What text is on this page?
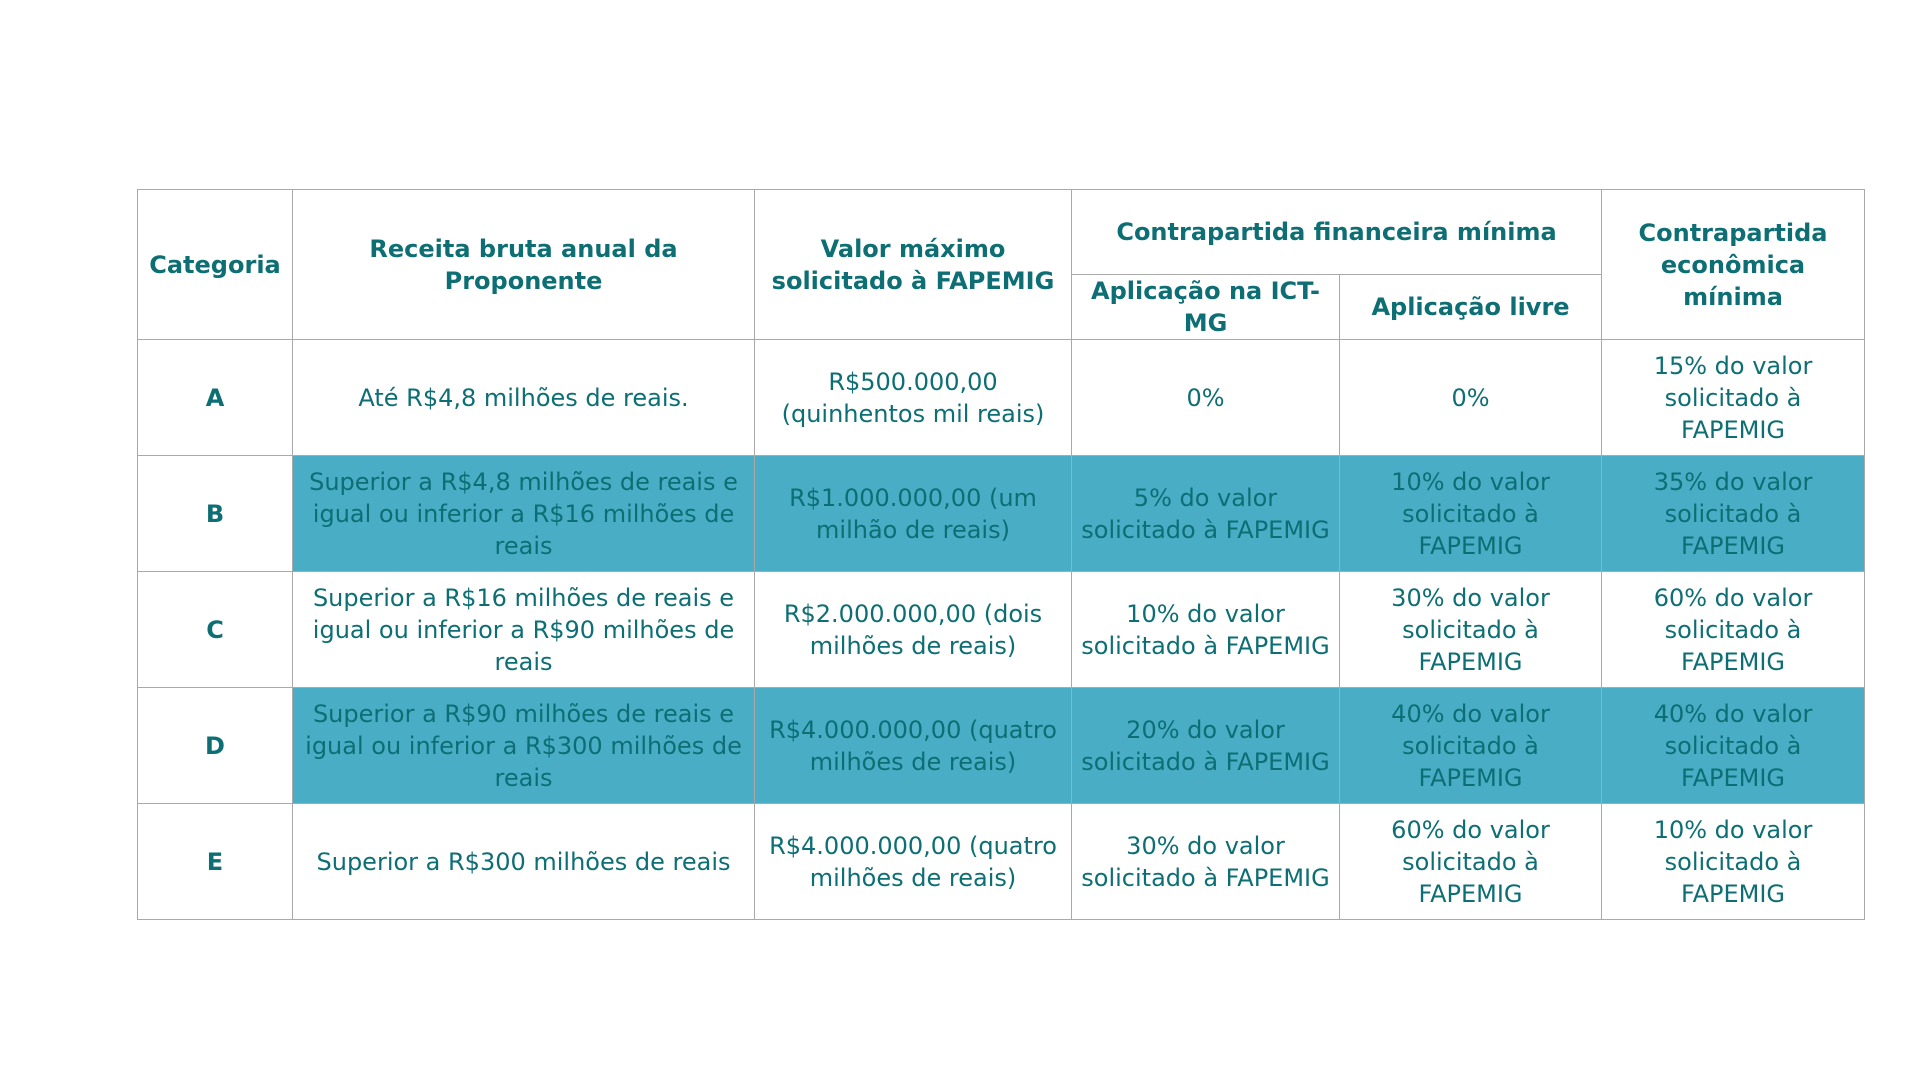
Categoria	Receita bruta anual da Proponente	Valor máximo solicitado à FAPEMIG	Contrapartida financeira mínima		Contrapartida econômica mínima
			Aplicação na ICT-MG	Aplicação livre	
A	Até R$4,8 milhões de reais.	R$500.000,00 (quinhentos mil reais)	0%	0%	15% do valor solicitado à FAPEMIG
B	Superior a R$4,8 milhões de reais e igual ou inferior a R$16 milhões de reais	R$1.000.000,00 (um milhão de reais)	5% do valor solicitado à FAPEMIG	10% do valor solicitado à FAPEMIG	35% do valor solicitado à FAPEMIG
C	Superior a R$16 milhões de reais e igual ou inferior a R$90 milhões de reais	R$2.000.000,00 (dois milhões de reais)	10% do valor solicitado à FAPEMIG	30% do valor solicitado à FAPEMIG	60% do valor solicitado à FAPEMIG
D	Superior a R$90 milhões de reais e igual ou inferior a R$300 milhões de reais	R$4.000.000,00 (quatro milhões de reais)	20% do valor solicitado à FAPEMIG	40% do valor solicitado à FAPEMIG	40% do valor solicitado à FAPEMIG
E	Superior a R$300 milhões de reais	R$4.000.000,00 (quatro milhões de reais)	30% do valor solicitado à FAPEMIG	60% do valor solicitado à FAPEMIG	10% do valor solicitado à FAPEMIG
